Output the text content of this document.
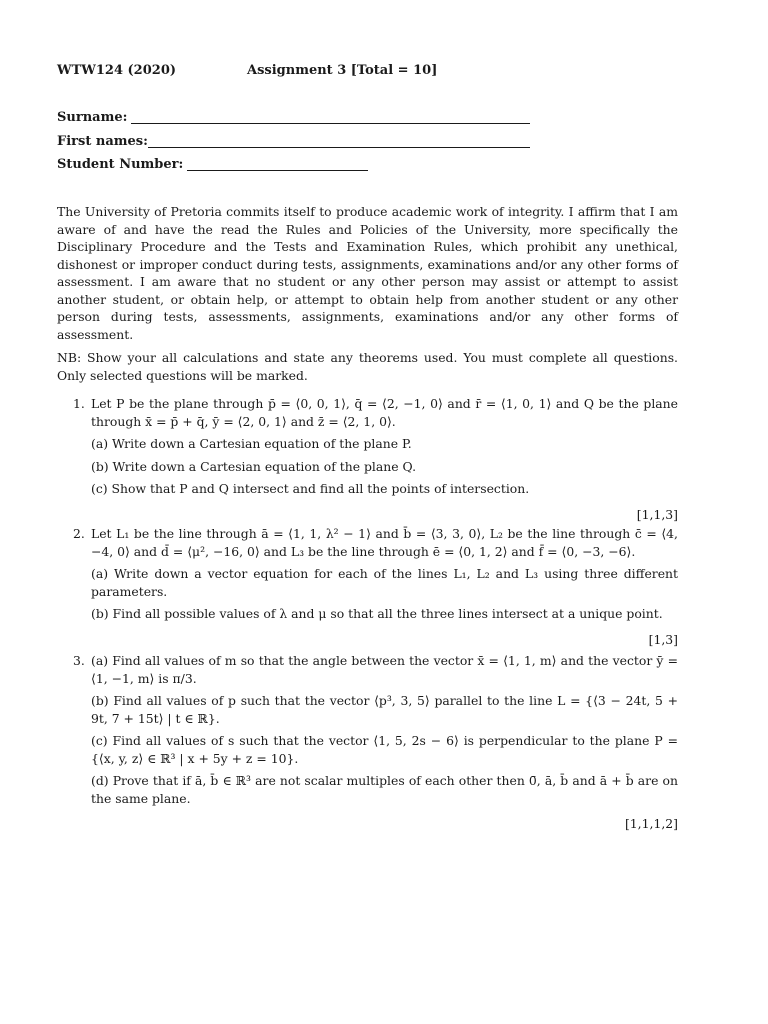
WTW124 (2020)	Assignment 3 [Total = 10]
Surname:
First names:
Student Number:

The University of Pretoria commits itself to produce academic work of integrity. I affirm that I am aware of and have the read the Rules and Policies of the University, more specifically the Disciplinary Procedure and the Tests and Examination Rules, which prohibit any unethical, dishonest or improper conduct during tests, assignments, examinations and/or any other forms of assessment. I am aware that no student or any other person may assist or attempt to assist another student, or obtain help, or attempt to obtain help from another student or any other person during tests, assessments, assignments, examinations and/or any other forms of assessment.

NB: Show your all calculations and state any theorems used. You must complete all questions. Only selected questions will be marked.

1. Let P be the plane through p̄ = ⟨0, 0, 1⟩, q̄ = ⟨2, −1, 0⟩ and r̄ = ⟨1, 0, 1⟩ and Q be the plane through x̄ = p̄ + q̄, ȳ = ⟨2, 0, 1⟩ and z̄ = ⟨2, 1, 0⟩.

(a) Write down a Cartesian equation of the plane P.
(b) Write down a Cartesian equation of the plane Q.
(c) Show that P and Q intersect and find all the points of intersection.
[1,1,3]
2. Let L₁ be the line through ā = ⟨1, 1, λ² − 1⟩ and b̄ = ⟨3, 3, 0⟩, L₂ be the line through c̄ = ⟨4, −4, 0⟩ and d̄ = ⟨μ², −16, 0⟩ and L₃ be the line through ē = ⟨0, 1, 2⟩ and f̄ = ⟨0, −3, −6⟩.

(a) Write down a vector equation for each of the lines L₁, L₂ and L₃ using three different parameters.
(b) Find all possible values of λ and μ so that all the three lines intersect at a unique point.
[1,3]
3. (a) Find all values of m so that the angle between the vector x̄ = ⟨1, 1, m⟩ and the vector ȳ = ⟨1, −1, m⟩ is π/3.
(b) Find all values of p such that the vector ⟨p³, 3, 5⟩ parallel to the line L = {⟨3 − 24t, 5 + 9t, 7 + 15t⟩ | t ∈ ℝ}.
(c) Find all values of s such that the vector ⟨1, 5, 2s − 6⟩ is perpendicular to the plane P = {⟨x, y, z⟩ ∈ ℝ³ | x + 5y + z = 10}.
(d) Prove that if ā, b̄ ∈ ℝ³ are not scalar multiples of each other then 0̄, ā, b̄ and ā + b̄ are on the same plane.
[1,1,1,2]
